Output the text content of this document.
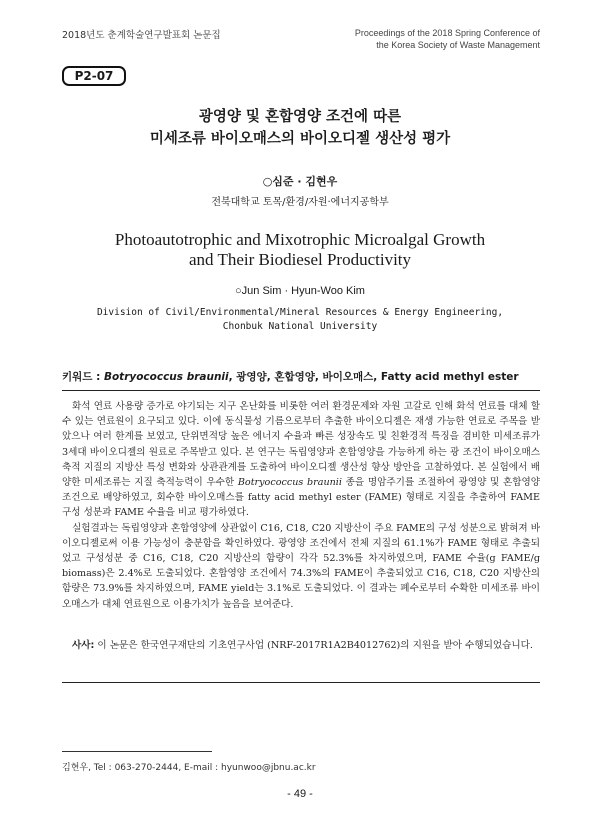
2018년도 춘계학술연구발표회 논문집	Proceedings of the 2018 Spring Conference of
the Korea Society of Waste Management
P2-07
광영양 및 혼합영양 조건에 따른
미세조류 바이오매스의 바이오디젤 생산성 평가
○심준 · 김현우
전북대학교 토목/환경/자원·에너지공학부
Photoautotrophic and Mixotrophic Microalgal Growth
and Their Biodiesel Productivity
○Jun Sim · Hyun-Woo Kim
Division of Civil/Environmental/Mineral Resources & Energy Engineering,
Chonbuk National University
키워드 : Botryococcus braunii, 광영양, 혼합영양, 바이오매스, Fatty acid methyl ester

화석 연료 사용량 증가로 야기되는 지구 온난화를 비롯한 여러 환경문제와 자원 고갈로 인해 화석 연료를 대체 할 수 있는 연료원이 요구되고 있다. 이에 동식물성 기름으로부터 추출한 바이오디젤은 재생 가능한 연료로 주목을 받았으나 여러 한계를 보였고, 단위면적당 높은 에너지 수율과 빠른 성장속도 및 친환경적 특징을 겸비한 미세조류가 3세대 바이오디젤의 원료로 주목받고 있다. 본 연구는 독립영양과 혼합영양을 가능하게 하는 광 조건이 바이오매스 축적 지질의 지방산 특성 변화와 상관관계를 도출하여 바이오디젤 생산성 향상 방안을 고찰하였다. 본 실험에서 배양한 미세조류는 지질 축적능력이 우수한 Botryococcus braunii 종을 명암주기를 조절하여 광영양 및 혼합영양 조건으로 배양하였고, 회수한 바이오매스를 fatty acid methyl ester (FAME) 형태로 지질을 추출하여 FAME 구성 성분과 FAME 수율을 비교 평가하였다.

실험결과는 독립영양과 혼합영양에 상관없이 C16, C18, C20 지방산이 주요 FAME의 구성 성분으로 밝혀져 바이오디젤로써 이용 가능성이 충분함을 확인하였다. 광영양 조건에서 전체 지질의 61.1%가 FAME 형태로 추출되었고 구성성분 중 C16, C18, C20 지방산의 함량이 각각 52.3%를 차지하였으며, FAME 수율(g FAME/g biomass)은 2.4%로 도출되었다. 혼합영양 조건에서 74.3%의 FAME이 추출되었고 C16, C18, C20 지방산의 함량은 73.9%를 차지하였으며, FAME yield는 3.1%로 도출되었다. 이 결과는 폐수로부터 수확한 미세조류 바이오매스가 대체 연료원으로 이용가치가 높음을 보여준다.

사사: 이 논문은 한국연구재단의 기초연구사업 (NRF-2017R1A2B4012762)의 지원을 받아 수행되었습니다.
김현우, Tel : 063-270-2444, E-mail : hyunwoo@jbnu.ac.kr
- 49 -
